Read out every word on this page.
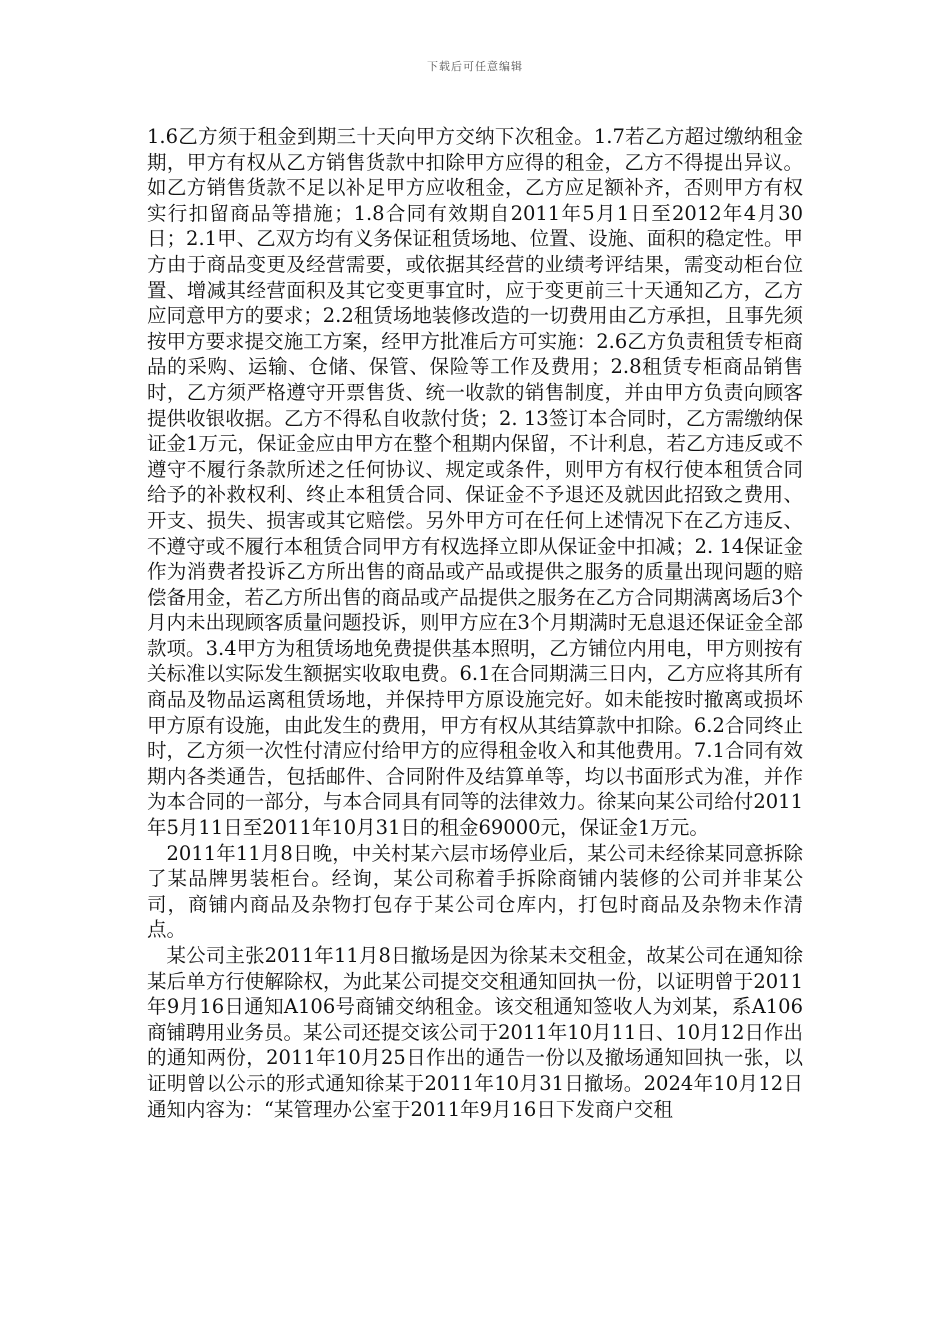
下载后可任意编辑

1.6乙方须于租金到期三十天向甲方交纳下次租金。1.7若乙方超过缴纳租金期，甲方有权从乙方销售货款中扣除甲方应得的租金，乙方不得提出异议。如乙方销售货款不足以补足甲方应收租金，乙方应足额补齐，否则甲方有权实行扣留商品等措施；1.8合同有效期自2011年5月1日至2012年4月30日；2.1甲、乙双方均有义务保证租赁场地、位置、设施、面积的稳定性。甲方由于商品变更及经营需要，或依据其经营的业绩考评结果，需变动柜台位置、增减其经营面积及其它变更事宜时，应于变更前三十天通知乙方，乙方应同意甲方的要求；2.2租赁场地装修改造的一切费用由乙方承担，且事先须按甲方要求提交施工方案，经甲方批准后方可实施：2.6乙方负责租赁专柜商品的采购、运输、仓储、保管、保险等工作及费用；2.8租赁专柜商品销售时，乙方须严格遵守开票售货、统一收款的销售制度，并由甲方负责向顾客提供收银收据。乙方不得私自收款付货；2. 13签订本合同时，乙方需缴纳保证金1万元，保证金应由甲方在整个租期内保留，不计利息，若乙方违反或不遵守不履行条款所述之任何协议、规定或条件，则甲方有权行使本租赁合同给予的补救权利、终止本租赁合同、保证金不予退还及就因此招致之费用、开支、损失、损害或其它赔偿。另外甲方可在任何上述情况下在乙方违反、不遵守或不履行本租赁合同甲方有权选择立即从保证金中扣减；2. 14保证金作为消费者投诉乙方所出售的商品或产品或提供之服务的质量出现问题的赔偿备用金，若乙方所出售的商品或产品提供之服务在乙方合同期满离场后3个月内未出现顾客质量问题投诉，则甲方应在3个月期满时无息退还保证金全部款项。3.4甲方为租赁场地免费提供基本照明，乙方铺位内用电，甲方则按有关标准以实际发生额据实收取电费。6.1在合同期满三日内，乙方应将其所有商品及物品运离租赁场地，并保持甲方原设施完好。如未能按时撤离或损坏甲方原有设施，由此发生的费用，甲方有权从其结算款中扣除。6.2合同终止时，乙方须一次性付清应付给甲方的应得租金收入和其他费用。7.1合同有效期内各类通告，包括邮件、合同附件及结算单等，均以书面形式为准，并作为本合同的一部分，与本合同具有同等的法律效力。徐某向某公司给付2011年5月11日至2011年10月31日的租金69000元，保证金1万元。

2011年11月8日晚，中关村某六层市场停业后，某公司未经徐某同意拆除了某品牌男装柜台。经询，某公司称着手拆除商铺内装修的公司并非某公司，商铺内商品及杂物打包存于某公司仓库内，打包时商品及杂物未作清点。

某公司主张2011年11月8日撤场是因为徐某未交租金，故某公司在通知徐某后单方行使解除权，为此某公司提交交租通知回执一份，以证明曾于2011年9月16日通知A106号商铺交纳租金。该交租通知签收人为刘某，系A106商铺聘用业务员。某公司还提交该公司于2011年10月11日、10月12日作出的通知两份，2011年10月25日作出的通告一份以及撤场通知回执一张，以证明曾以公示的形式通知徐某于2011年10月31日撤场。2024年10月12日通知内容为：“某管理办公室于2011年9月16日下发商户交租
